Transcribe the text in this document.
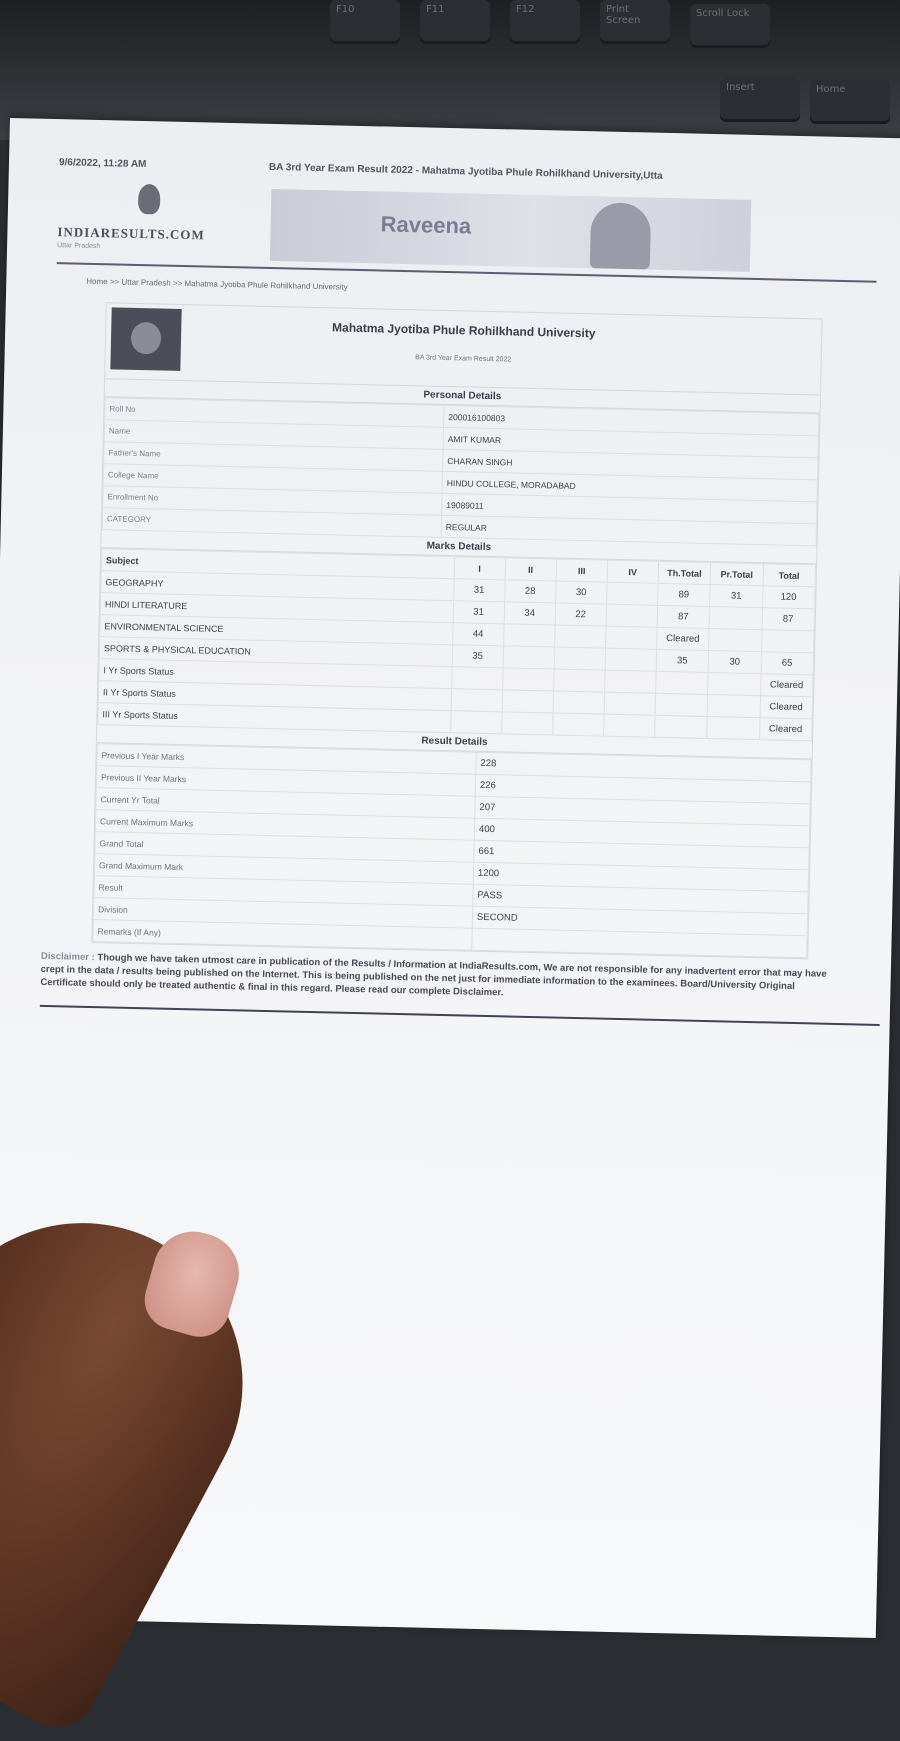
F10	F11	F12	Print Screen
Scroll Lock
Insert	Home
9/6/2022, 11:28 AM	BA 3rd Year Exam Result 2022 - Mahatma Jyotiba Phule Rohilkhand University,Utta
INDIARESULTS.COM
Uttar Pradesh
Raveena
Home >> Uttar Pradesh >> Mahatma Jyotiba Phule Rohilkhand University
Mahatma Jyotiba Phule Rohilkhand University
BA 3rd Year Exam Result 2022
Personal Details
Roll No	200016100803
Name	AMIT KUMAR
Father's Name	CHARAN SINGH
College Name	HINDU COLLEGE, MORADABAD
Enrollment No	19089011
CATEGORY	REGULAR
Marks Details
Subject	I	II	III	IV	Th.Total	Pr.Total	Total
GEOGRAPHY	31	28	30		89	31	120
HINDI LITERATURE	31	34	22		87		87
ENVIRONMENTAL SCIENCE	44				Cleared		
SPORTS & PHYSICAL EDUCATION	35				35	30	65
I Yr Sports Status							Cleared
II Yr Sports Status							Cleared
III Yr Sports Status							Cleared
Result Details
Previous I Year Marks	228
Previous II Year Marks	226
Current Yr Total	207
Current Maximum Marks	400
Grand Total	661
Grand Maximum Mark	1200
Result	PASS
Division	SECOND
Remarks (If Any)	
Disclaimer : Though we have taken utmost care in publication of the Results / Information at IndiaResults.com, We are not responsible for any inadvertent error that may have crept in the data / results being published on the Internet. This is being published on the net just for immediate information to the examinees. Board/University Original Certificate should only be treated authentic & final in this regard. Please read our complete Disclaimer.
